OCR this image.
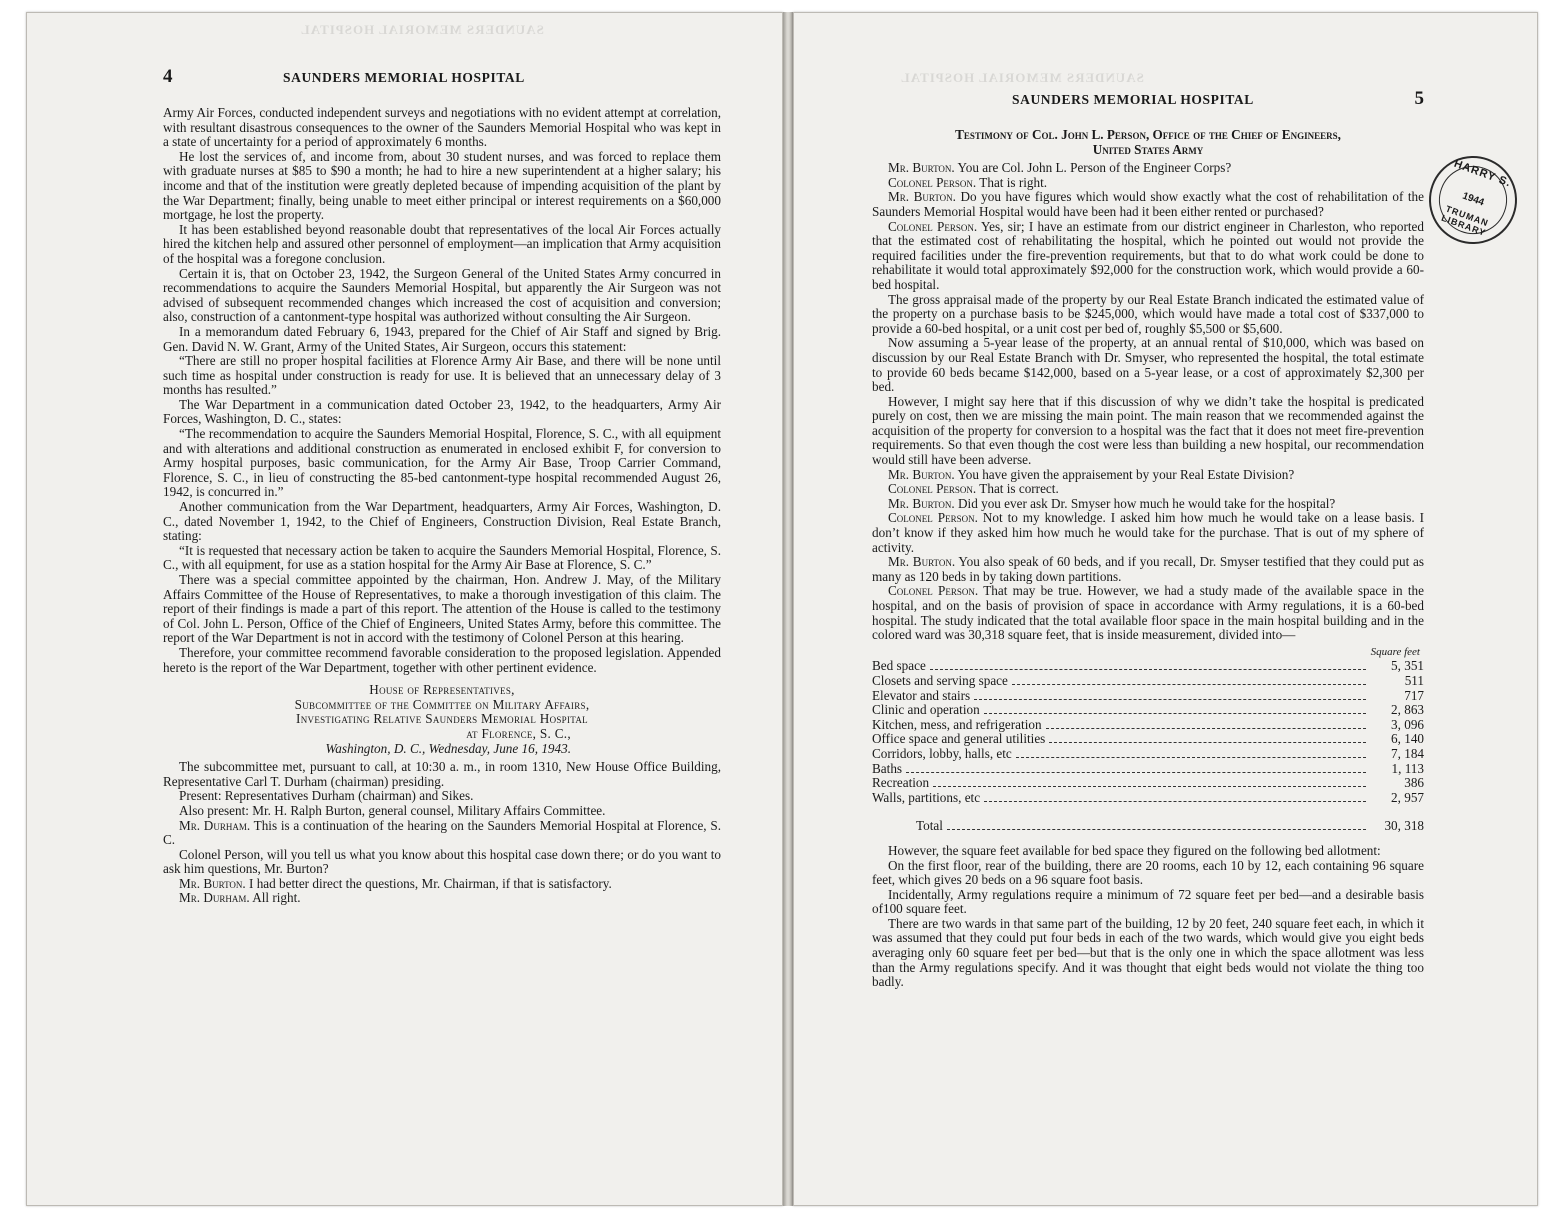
SAUNDERS MEMORIAL HOSPITAL
SAUNDERS MEMORIAL HOSPITAL
4	SAUNDERS MEMORIAL HOSPITAL

Army Air Forces, conducted independent surveys and negotiations with no evident attempt at correlation, with resultant disastrous consequences to the owner of the Saunders Memorial Hospital who was kept in a state of uncertainty for a period of approximately 6 months.

He lost the services of, and income from, about 30 student nurses, and was forced to replace them with graduate nurses at $85 to $90 a month; he had to hire a new superintendent at a higher salary; his income and that of the institution were greatly depleted because of impending acquisition of the plant by the War Department; finally, being unable to meet either principal or interest requirements on a $60,000 mortgage, he lost the property.

It has been established beyond reasonable doubt that representatives of the local Air Forces actually hired the kitchen help and assured other personnel of employment—an implication that Army acquisition of the hospital was a foregone conclusion.

Certain it is, that on October 23, 1942, the Surgeon General of the United States Army concurred in recommendations to acquire the Saunders Memorial Hospital, but apparently the Air Surgeon was not advised of subsequent recommended changes which increased the cost of acquisition and conversion; also, construction of a cantonment-type hospital was authorized without consulting the Air Surgeon.

In a memorandum dated February 6, 1943, prepared for the Chief of Air Staff and signed by Brig. Gen. David N. W. Grant, Army of the United States, Air Surgeon, occurs this statement:

“There are still no proper hospital facilities at Florence Army Air Base, and there will be none until such time as hospital under construction is ready for use. It is believed that an unnecessary delay of 3 months has resulted.”

The War Department in a communication dated October 23, 1942, to the headquarters, Army Air Forces, Washington, D. C., states:

“The recommendation to acquire the Saunders Memorial Hospital, Florence, S. C., with all equipment and with alterations and additional construction as enumerated in enclosed exhibit F, for conversion to Army hospital purposes, basic communication, for the Army Air Base, Troop Carrier Command, Florence, S. C., in lieu of constructing the 85-bed cantonment-type hospital recommended August 26, 1942, is concurred in.”

Another communication from the War Department, headquarters, Army Air Forces, Washington, D. C., dated November 1, 1942, to the Chief of Engineers, Construction Division, Real Estate Branch, stating:

“It is requested that necessary action be taken to acquire the Saunders Memorial Hospital, Florence, S. C., with all equipment, for use as a station hospital for the Army Air Base at Florence, S. C.”

There was a special committee appointed by the chairman, Hon. Andrew J. May, of the Military Affairs Committee of the House of Representatives, to make a thorough investigation of this claim. The report of their findings is made a part of this report. The attention of the House is called to the testimony of Col. John L. Person, Office of the Chief of Engineers, United States Army, before this committee. The report of the War Department is not in accord with the testimony of Colonel Person at this hearing.

Therefore, your committee recommend favorable consideration to the proposed legislation. Appended hereto is the report of the War Department, together with other pertinent evidence.

House of Representatives,
Subcommittee of the Committee on Military Affairs,
Investigating Relative Saunders Memorial Hospital
at Florence, S. C.,
Washington, D. C., Wednesday, June 16, 1943.

The subcommittee met, pursuant to call, at 10:30 a. m., in room 1310, New House Office Building, Representative Carl T. Durham (chairman) presiding.

Present: Representatives Durham (chairman) and Sikes.

Also present: Mr. H. Ralph Burton, general counsel, Military Affairs Committee.

Mr. Durham. This is a continuation of the hearing on the Saunders Memorial Hospital at Florence, S. C.

Colonel Person, will you tell us what you know about this hospital case down there; or do you want to ask him questions, Mr. Burton?

Mr. Burton. I had better direct the questions, Mr. Chairman, if that is satisfactory.

Mr. Durham. All right.

SAUNDERS MEMORIAL HOSPITAL	5
HARRY S.
1944
TRUMAN LIBRARY
Testimony of Col. John L. Person, Office of the Chief of Engineers,
United States Army

Mr. Burton. You are Col. John L. Person of the Engineer Corps?

Colonel Person. That is right.

Mr. Burton. Do you have figures which would show exactly what the cost of rehabilitation of the Saunders Memorial Hospital would have been had it been either rented or purchased?

Colonel Person. Yes, sir; I have an estimate from our district engineer in Charleston, who reported that the estimated cost of rehabilitating the hospital, which he pointed out would not provide the required facilities under the fire-prevention requirements, but that to do what work could be done to rehabilitate it would total approximately $92,000 for the construction work, which would provide a 60-bed hospital.

The gross appraisal made of the property by our Real Estate Branch indicated the estimated value of the property on a purchase basis to be $245,000, which would have made a total cost of $337,000 to provide a 60-bed hospital, or a unit cost per bed of, roughly $5,500 or $5,600.

Now assuming a 5-year lease of the property, at an annual rental of $10,000, which was based on discussion by our Real Estate Branch with Dr. Smyser, who represented the hospital, the total estimate to provide 60 beds became $142,000, based on a 5-year lease, or a cost of approximately $2,300 per bed.

However, I might say here that if this discussion of why we didn’t take the hospital is predicated purely on cost, then we are missing the main point. The main reason that we recommended against the acquisition of the property for conversion to a hospital was the fact that it does not meet fire-prevention requirements. So that even though the cost were less than building a new hospital, our recommendation would still have been adverse.

Mr. Burton. You have given the appraisement by your Real Estate Division?

Colonel Person. That is correct.

Mr. Burton. Did you ever ask Dr. Smyser how much he would take for the hospital?

Colonel Person. Not to my knowledge. I asked him how much he would take on a lease basis. I don’t know if they asked him how much he would take for the purchase. That is out of my sphere of activity.

Mr. Burton. You also speak of 60 beds, and if you recall, Dr. Smyser testified that they could put as many as 120 beds in by taking down partitions.

Colonel Person. That may be true. However, we had a study made of the available space in the hospital, and on the basis of provision of space in accordance with Army regulations, it is a 60-bed hospital. The study indicated that the total available floor space in the main hospital building and in the colored ward was 30,318 square feet, that is inside measurement, divided into—

Square feet
Bed space	5, 351
Closets and serving space	511
Elevator and stairs	717
Clinic and operation	2, 863
Kitchen, mess, and refrigeration	3, 096
Office space and general utilities	6, 140
Corridors, lobby, halls, etc	7, 184
Baths	1, 113
Recreation	386
Walls, partitions, etc	2, 957
Total	30, 318

However, the square feet available for bed space they figured on the following bed allotment:

On the first floor, rear of the building, there are 20 rooms, each 10 by 12, each containing 96 square feet, which gives 20 beds on a 96 square foot basis.

Incidentally, Army regulations require a minimum of 72 square feet per bed—and a desirable basis of100 square feet.

There are two wards in that same part of the building, 12 by 20 feet, 240 square feet each, in which it was assumed that they could put four beds in each of the two wards, which would give you eight beds averaging only 60 square feet per bed—but that is the only one in which the space allotment was less than the Army regulations specify. And it was thought that eight beds would not violate the thing too badly.
